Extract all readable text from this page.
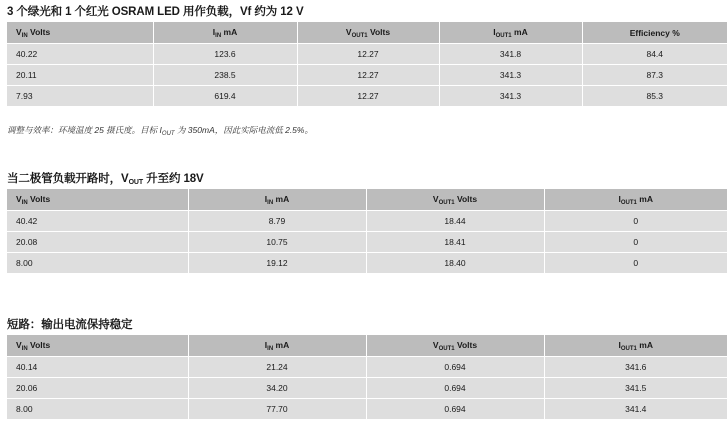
3 个绿光和 1 个红光 OSRAM LED 用作负载，Vf 约为 12 V
$V_{IN}$ Volts	$I_{IN}$ mA	$V_{OUT1}$ Volts	$I_{OUT1}$ mA	Efficiency %
40.22	123.6	12.27	341.8	84.4
20.11	238.5	12.27	341.3	87.3
7.93	619.4	12.27	341.3	85.3
调整与效率：环境温度 25 摄氏度。目标 $I_{OUT}$ 为 350mA，因此实际电流低 2.5%。
当二极管负载开路时，$V_{OUT}$ 升至约 18V
$V_{IN}$ Volts	$I_{IN}$ mA	$V_{OUT1}$ Volts	$I_{OUT1}$ mA
40.42	8.79	18.44	0
20.08	10.75	18.41	0
8.00	19.12	18.40	0
短路：输出电流保持稳定
$V_{IN}$ Volts	$I_{IN}$ mA	$V_{OUT1}$ Volts	$I_{OUT1}$ mA
40.14	21.24	0.694	341.6
20.06	34.20	0.694	341.5
8.00	77.70	0.694	341.4
